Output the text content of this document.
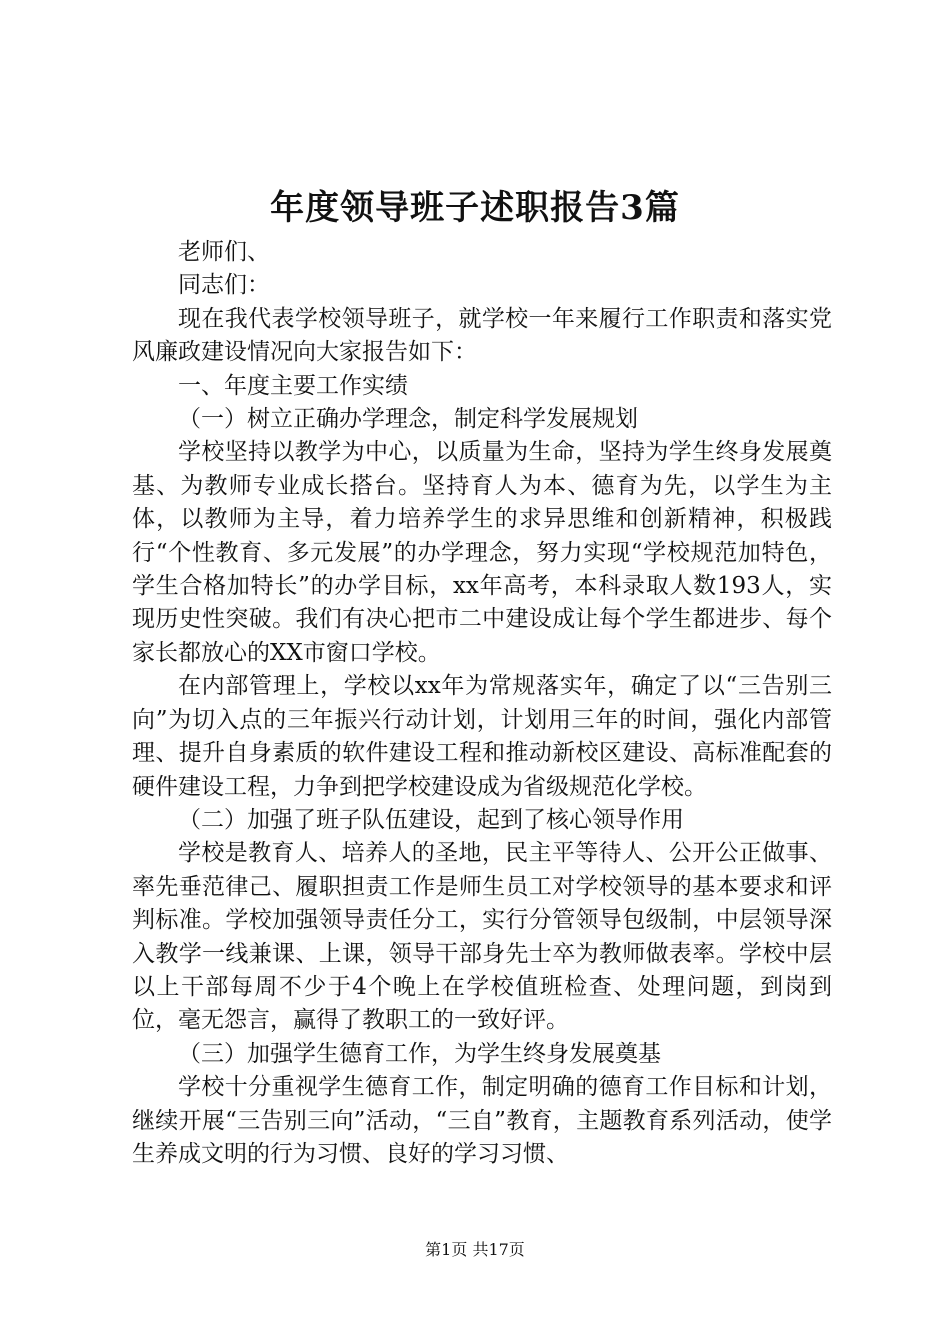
年度领导班子述职报告3篇

老师们、

同志们：

现在我代表学校领导班子，就学校一年来履行工作职责和落实党风廉政建设情况向大家报告如下：

一、年度主要工作实绩

（一）树立正确办学理念，制定科学发展规划

学校坚持以教学为中心，以质量为生命，坚持为学生终身发展奠基、为教师专业成长搭台。坚持育人为本、德育为先，以学生为主体，以教师为主导，着力培养学生的求异思维和创新精神，积极践行“个性教育、多元发展”的办学理念，努力实现“学校规范加特色，学生合格加特长”的办学目标，xx年高考，本科录取人数193人，实现历史性突破。我们有决心把市二中建设成让每个学生都进步、每个家长都放心的XX市窗口学校。

在内部管理上，学校以xx年为常规落实年，确定了以“三告别三向”为切入点的三年振兴行动计划，计划用三年的时间，强化内部管理、提升自身素质的软件建设工程和推动新校区建设、高标准配套的硬件建设工程，力争到把学校建设成为省级规范化学校。

（二）加强了班子队伍建设，起到了核心领导作用

学校是教育人、培养人的圣地，民主平等待人、公开公正做事、率先垂范律己、履职担责工作是师生员工对学校领导的基本要求和评判标准。学校加强领导责任分工，实行分管领导包级制，中层领导深入教学一线兼课、上课，领导干部身先士卒为教师做表率。学校中层以上干部每周不少于4个晚上在学校值班检查、处理问题，到岗到位，毫无怨言，赢得了教职工的一致好评。

（三）加强学生德育工作，为学生终身发展奠基

学校十分重视学生德育工作，制定明确的德育工作目标和计划，继续开展“三告别三向”活动，“三自”教育，主题教育系列活动，使学生养成文明的行为习惯、良好的学习习惯、

第1页 共17页
